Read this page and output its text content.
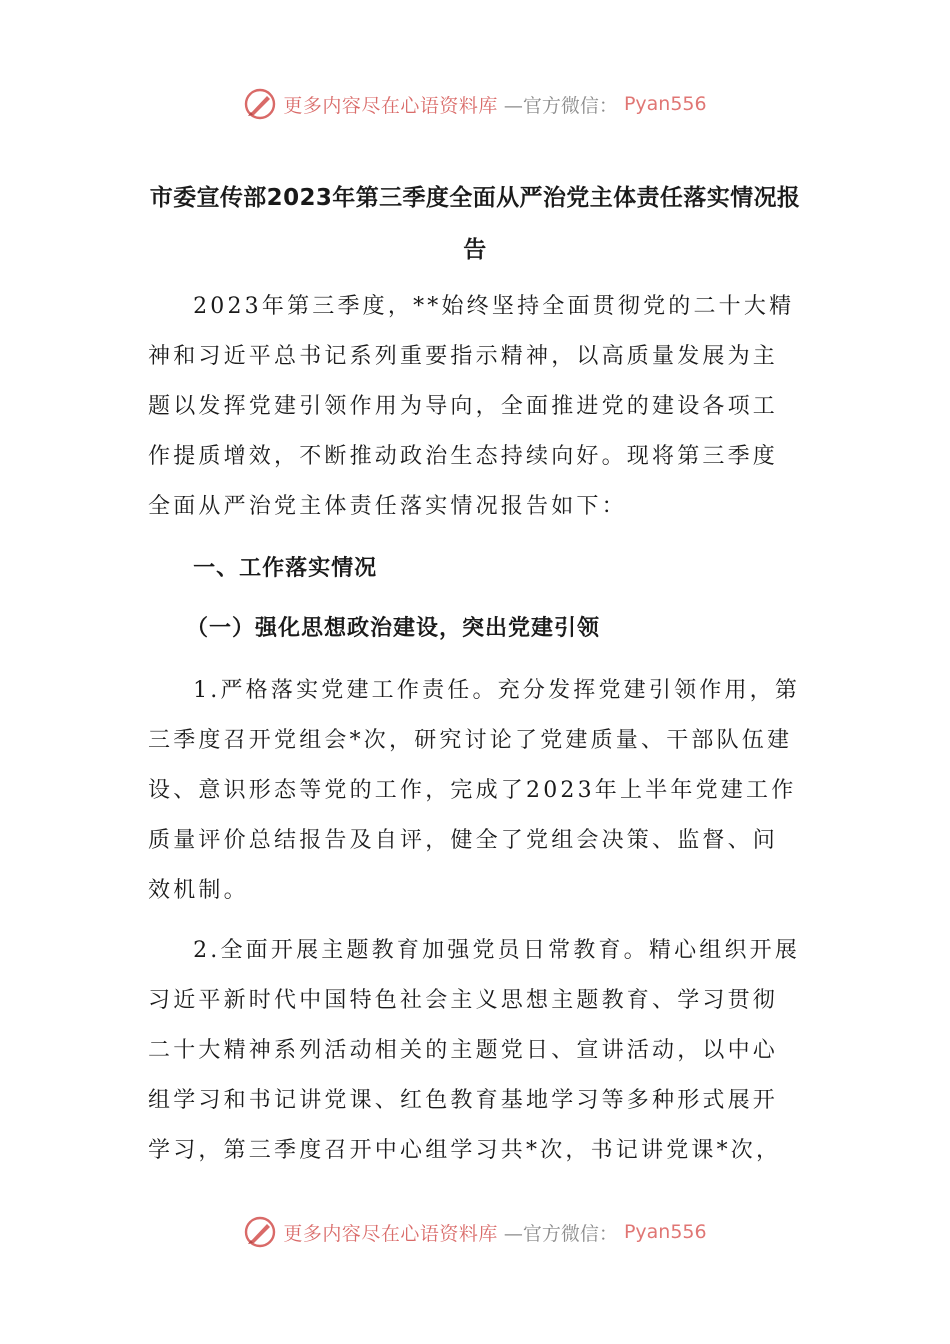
更多内容尽在心语资料库 —官方微信： Pyan556
市委宣传部2023年第三季度全面从严治党主体责任落实情况报告

2023年第三季度，**始终坚持全面贯彻党的二十大精神和习近平总书记系列重要指示精神，以高质量发展为主题以发挥党建引领作用为导向，全面推进党的建设各项工作提质增效，不断推动政治生态持续向好。现将第三季度全面从严治党主体责任落实情况报告如下：

一、工作落实情况

（一）强化思想政治建设，突出党建引领

1.严格落实党建工作责任。充分发挥党建引领作用，第三季度召开党组会*次，研究讨论了党建质量、干部队伍建设、意识形态等党的工作，完成了2023年上半年党建工作质量评价总结报告及自评，健全了党组会决策、监督、问效机制。

2.全面开展主题教育加强党员日常教育。精心组织开展习近平新时代中国特色社会主义思想主题教育、学习贯彻二十大精神系列活动相关的主题党日、宣讲活动，以中心组学习和书记讲党课、红色教育基地学习等多种形式展开学习，第三季度召开中心组学习共*次，书记讲党课*次，

更多内容尽在心语资料库 —官方微信： Pyan556
